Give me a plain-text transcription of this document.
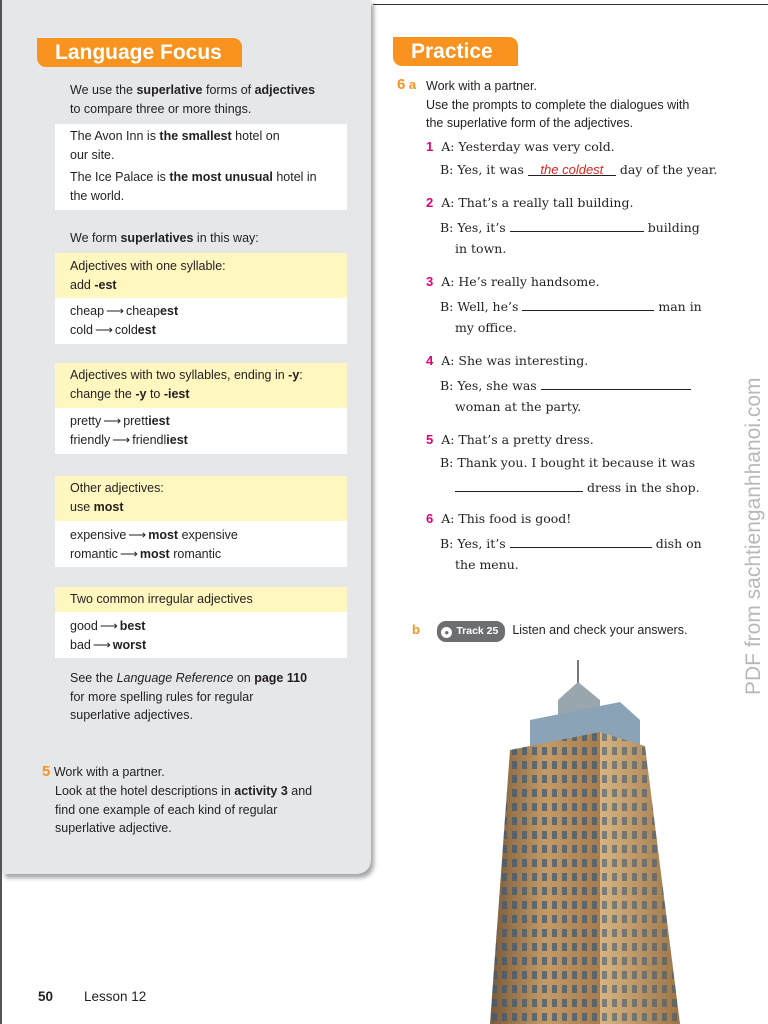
Language Focus
We use the superlative forms of adjectives
to compare three or more things.
The Avon Inn is the smallest hotel on
our site.
The Ice Palace is the most unusual hotel in
the world.
We form superlatives in this way:
Adjectives with one syllable:
add -est
cheap ⟶ cheapest
cold ⟶ coldest
Adjectives with two syllables, ending in -y:
change the -y to -iest
pretty ⟶ prettiest
friendly ⟶ friendliest
Other adjectives:
use most
expensive ⟶ most expensive
romantic ⟶ most romantic
Two common irregular adjectives
good ⟶ best
bad ⟶ worst
See the Language Reference on page 110
for more spelling rules for regular
superlative adjectives.
5 Work with a partner.
Look at the hotel descriptions in activity 3 and
find one example of each kind of regular
superlative adjective.
Practice
6 a Work with a partner.
Use the prompts to complete the dialogues with
the superlative form of the adjectives.
1 A: Yesterday was very cold.
B: Yes, it was the coldest day of the year.
2 A: That’s a really tall building.
B: Yes, it’s	building
in town.
3 A: He’s really handsome.
B: Well, he’s	man in
my office.
4 A: She was interesting.
B: Yes, she was
woman at the party.
5 A: That’s a pretty dress.
B: Thank you. I bought it because it was
dress in the shop.
6 A: This food is good!
B: Yes, it’s	dish on
the menu.
b	● Track 25 Listen and check your answers.	PDF from sachtienganhhanoi.com
50 Lesson 12
